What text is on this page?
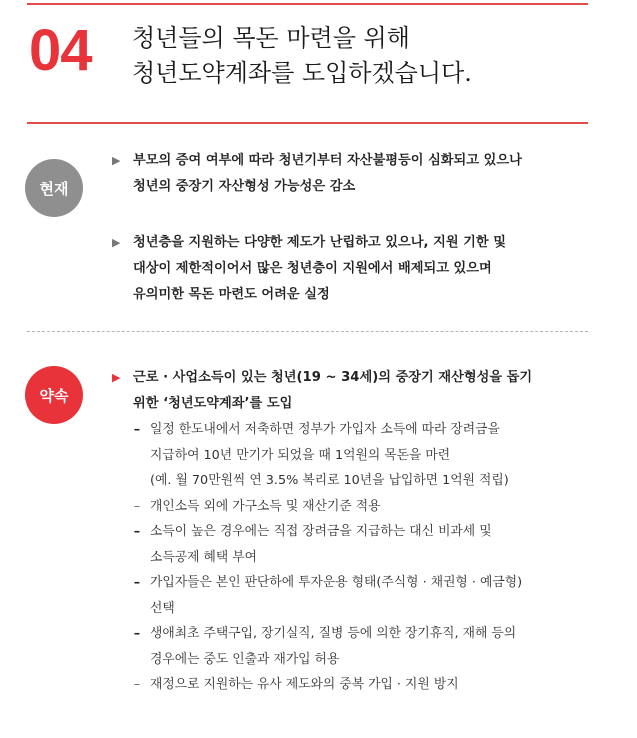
04 청년들의 목돈 마련을 위해
청년도약계좌를 도입하겠습니다.
현재
▶ 부모의 증여 여부에 따라 청년기부터 자산불평등이 심화되고 있으나
청년의 중장기 자산형성 가능성은 감소
▶ 청년층을 지원하는 다양한 제도가 난립하고 있으나, 지원 기한 및
대상이 제한적이어서 많은 청년층이 지원에서 배제되고 있으며
유의미한 목돈 마련도 어려운 실정
약속
▶ 근로 · 사업소득이 있는 청년(19 ~ 34세)의 중장기 재산형성을 돕기
위한 ‘청년도약계좌’를 도입
– 일정 한도내에서 저축하면 정부가 가입자 소득에 따라 장려금을
지급하여 10년 만기가 되었을 때 1억원의 목돈을 마련
(예. 월 70만원씩 연 3.5% 복리로 10년을 납입하면 1억원 적립)
– 개인소득 외에 가구소득 및 재산기준 적용
– 소득이 높은 경우에는 직접 장려금을 지급하는 대신 비과세 및
소득공제 혜택 부여
– 가입자들은 본인 판단하에 투자운용 형태(주식형 · 채권형 · 예금형)
선택
– 생애최초 주택구입, 장기실직, 질병 등에 의한 장기휴직, 재해 등의
경우에는 중도 인출과 재가입 허용
– 재정으로 지원하는 유사 제도와의 중복 가입 · 지원 방지
